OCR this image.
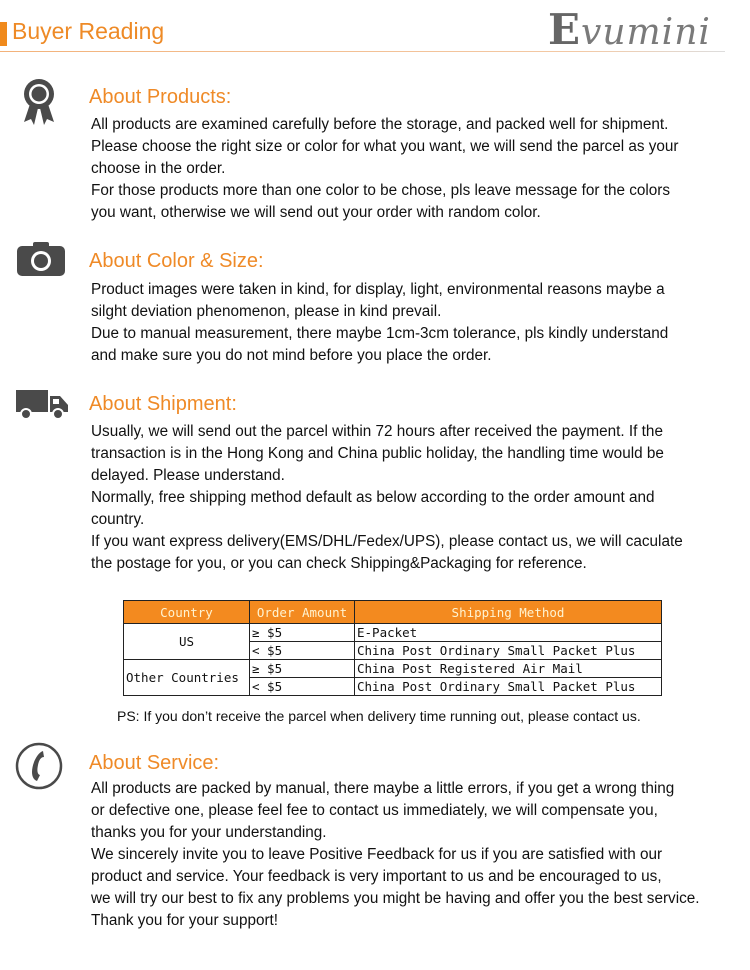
Buyer Reading	Evumini
About Products:
All products are examined carefully before the storage, and packed well for shipment.
Please choose the right size or color for what you want, we will send the parcel as your
choose in the order.
For those products more than one color to be chose, pls leave message for the colors
you want, otherwise we will send out your order with random color.
About Color & Size:
Product images were taken in kind, for display, light, environmental reasons maybe a
silght deviation phenomenon, please in kind prevail.
Due to manual measurement, there maybe 1cm-3cm tolerance, pls kindly understand
and make sure you do not mind before you place the order.
About Shipment:
Usually, we will send out the parcel within 72 hours after received the payment. If the
transaction is in the Hong Kong and China public holiday, the handling time would be
delayed. Please understand.
Normally, free shipping method default as below according to the order amount and
country.
If you want express delivery(EMS/DHL/Fedex/UPS), please contact us, we will caculate
the postage for you, or you can check Shipping&Packaging for reference.
Country	Order Amount	Shipping Method
US	≥ $5	E-Packet
	< $5	China Post Ordinary Small Packet Plus
Other Countries	≥ $5	China Post Registered Air Mail
	< $5	China Post Ordinary Small Packet Plus
PS: If you don’t receive the parcel when delivery time running out, please contact us.
About Service:
All products are packed by manual, there maybe a little errors, if you get a wrong thing
or defective one, please feel fee to contact us immediately, we will compensate you,
thanks you for your understanding.
We sincerely invite you to leave Positive Feedback for us if you are satisfied with our
product and service. Your feedback is very important to us and be encouraged to us,
we will try our best to fix any problems you might be having and offer you the best service.
Thank you for your support!
